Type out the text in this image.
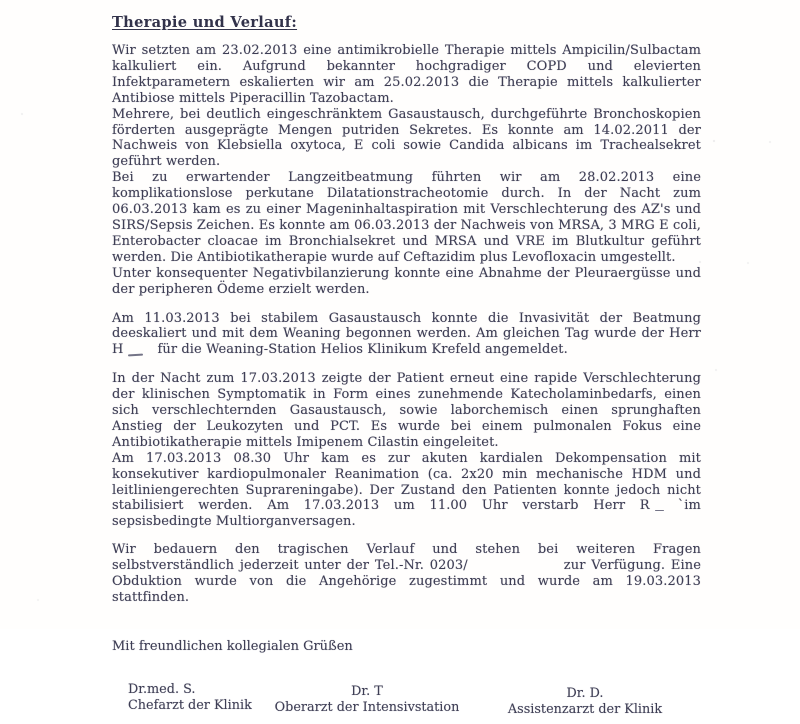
Therapie und Verlauf:

Wir setzten am 23.02.2013 eine antimikrobielle Therapie mittels Ampicilin/Sulbactam kalkuliert ein. Aufgrund bekannter hochgradiger COPD und elevierten Infektparametern eskalierten wir am 25.02.2013 die Therapie mittels kalkulierter Antibiose mittels Piperacillin Tazobactam.

Mehrere, bei deutlich eingeschränktem Gasaustausch, durchgeführte Bronchoskopien förderten ausgeprägte Mengen putriden Sekretes. Es konnte am 14.02.2011 der Nachweis von Klebsiella oxytoca, E coli sowie Candida albicans im Trachealsekret geführt werden.

Bei zu erwartender Langzeitbeatmung führten wir am 28.02.2013 eine komplikationslose perkutane Dilatationstracheotomie durch. In der Nacht zum 06.03.2013 kam es zu einer Mageninhaltaspiration mit Verschlechterung des AZ's und SIRS/Sepsis Zeichen. Es konnte am 06.03.2013 der Nachweis von MRSA, 3 MRG E coli, Enterobacter cloacae im Bronchialsekret und MRSA und VRE im Blutkultur geführt werden. Die Antibiotikatherapie wurde auf Ceftazidim plus Levofloxacin umgestellt.

Unter konsequenter Negativbilanzierung konnte eine Abnahme der Pleuraergüsse und der peripheren Ödeme erzielt werden.

Am 11.03.2013 bei stabilem Gasaustausch konnte die Invasivität der Beatmung deeskaliert und mit dem Weaning begonnen werden. Am gleichen Tag wurde der Herr H	für die Weaning-Station Helios Klinikum Krefeld angemeldet.

In der Nacht zum 17.03.2013 zeigte der Patient erneut eine rapide Verschlechterung der klinischen Symptomatik in Form eines zunehmende Katecholaminbedarfs, einen sich verschlechternden Gasaustausch, sowie laborchemisch einen sprunghaften Anstieg der Leukozyten und PCT. Es wurde bei einem pulmonalen Fokus eine Antibiotikatherapie mittels Imipenem Cilastin eingeleitet.

Am 17.03.2013 08.30 Uhr kam es zur akuten kardialen Dekompensation mit konsekutiver kardiopulmonaler Reanimation (ca. 2x20 min mechanische HDM und leitliniengerechten Suprareningabe). Der Zustand den Patienten konnte jedoch nicht stabilisiert werden. Am 17.03.2013 um 11.00 Uhr verstarb Herr R `im sepsisbedingte Multiorganversagen.

Wir bedauern den tragischen Verlauf und stehen bei weiteren Fragen selbstverständlich jederzeit unter der Tel.-Nr. 0203/	zur Verfügung. Eine Obduktion wurde von die Angehörige zugestimmt und wurde am 19.03.2013 stattfinden.

Mit freundlichen kollegialen Grüßen

Dr.med. S.

Chefarzt der Klinik

Dr. T

Oberarzt der Intensivstation

Dr. D.

Assistenzarzt der Klinik
